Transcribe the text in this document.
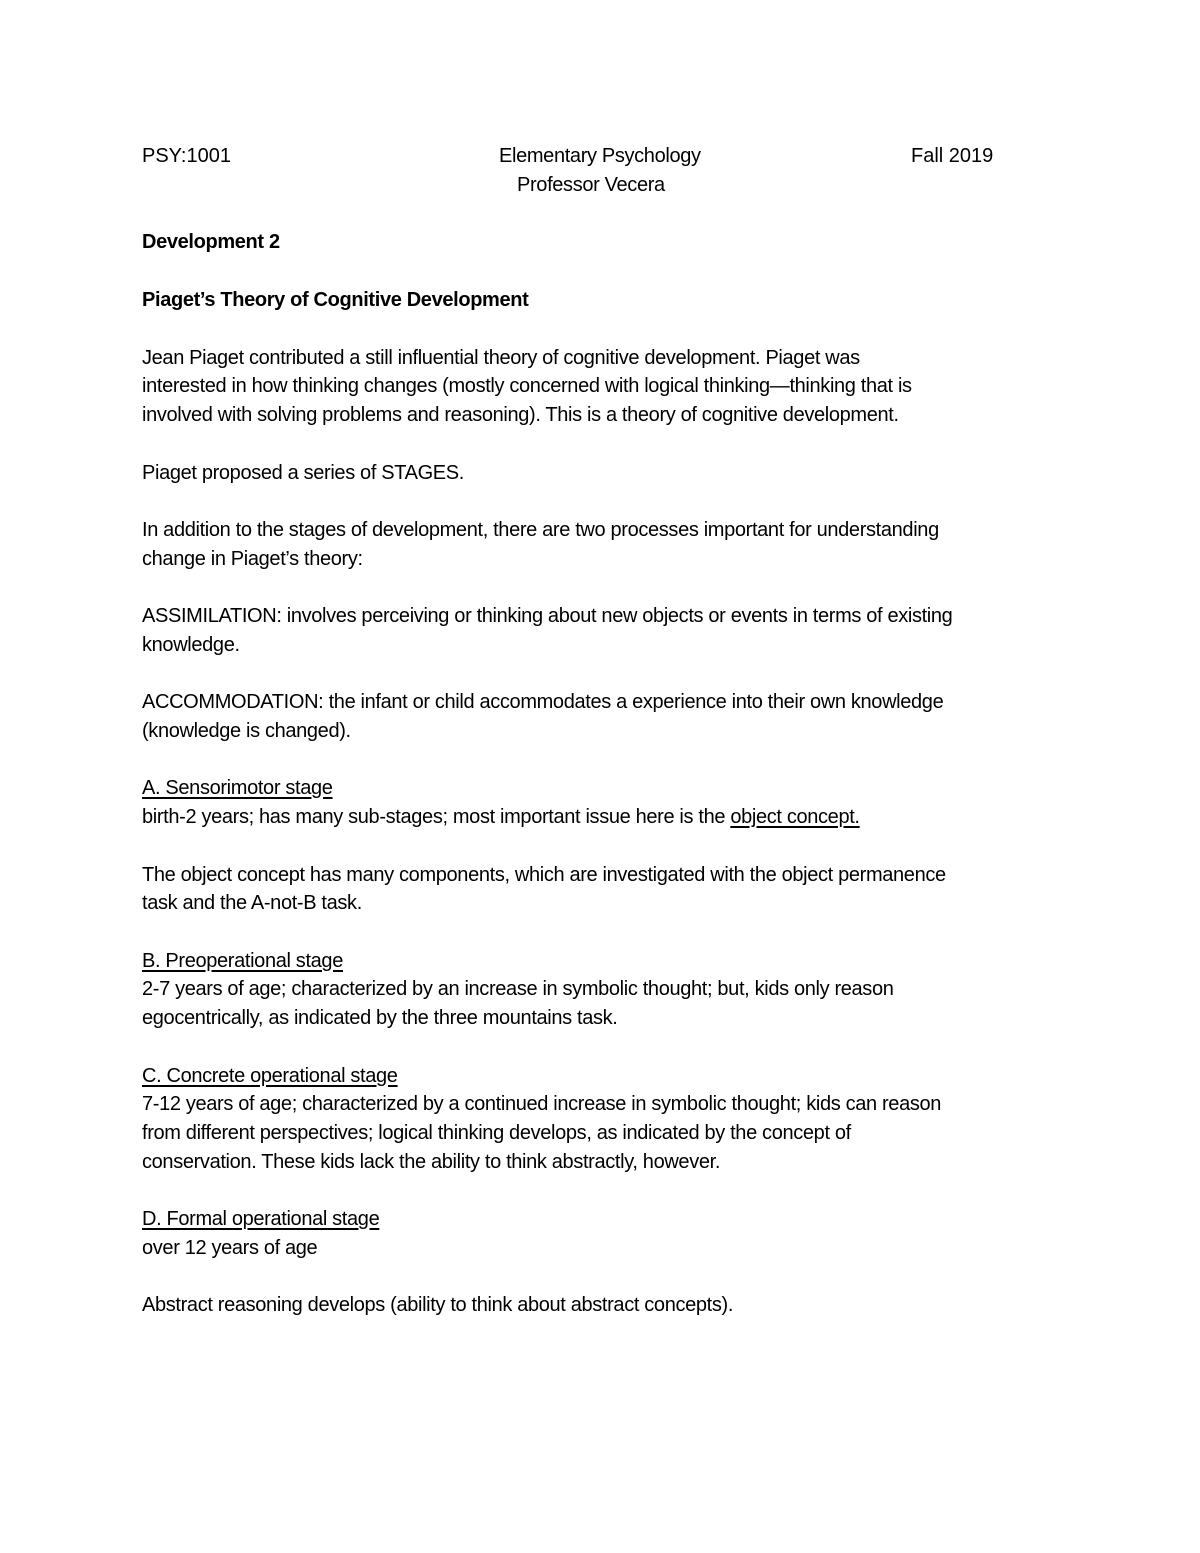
PSY:1001	Elementary Psychology	Fall 2019
Professor Vecera
Development 2
Piaget’s Theory of Cognitive Development
Jean Piaget contributed a still influential theory of cognitive development. Piaget was
interested in how thinking changes (mostly concerned with logical thinking—thinking that is
involved with solving problems and reasoning). This is a theory of cognitive development.
Piaget proposed a series of STAGES.
In addition to the stages of development, there are two processes important for understanding
change in Piaget’s theory:
ASSIMILATION: involves perceiving or thinking about new objects or events in terms of existing
knowledge.
ACCOMMODATION: the infant or child accommodates a experience into their own knowledge
(knowledge is changed).
A. Sensorimotor stage
birth-2 years; has many sub-stages; most important issue here is the object concept.
The object concept has many components, which are investigated with the object permanence
task and the A-not-B task.
B. Preoperational stage
2-7 years of age; characterized by an increase in symbolic thought; but, kids only reason
egocentrically, as indicated by the three mountains task.
C. Concrete operational stage
7-12 years of age; characterized by a continued increase in symbolic thought; kids can reason
from different perspectives; logical thinking develops, as indicated by the concept of
conservation. These kids lack the ability to think abstractly, however.
D. Formal operational stage
over 12 years of age
Abstract reasoning develops (ability to think about abstract concepts).
